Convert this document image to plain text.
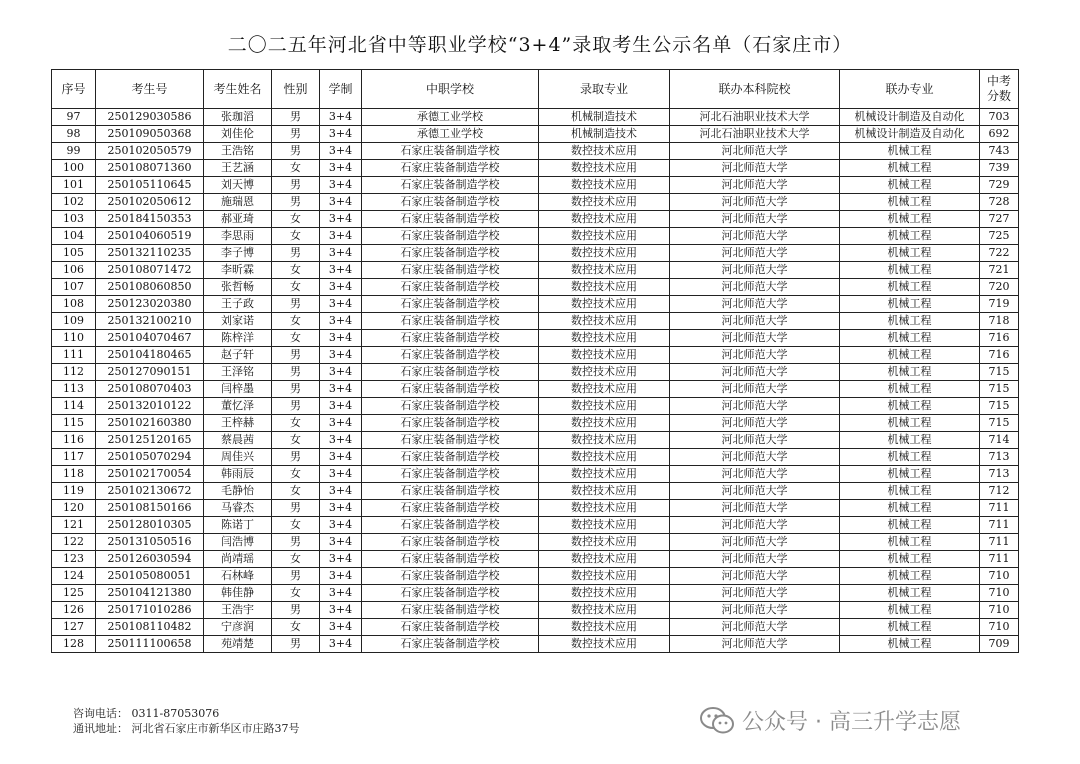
二〇二五年河北省中等职业学校“3+4”录取考生公示名单（石家庄市）
序号	考生号	考生姓名	性别	学制	中职学校	录取专业	联办本科院校	联办专业	中考
分数
97	250129030586	张珈滔	男	3+4	承德工业学校	机械制造技术	河北石油职业技术大学	机械设计制造及自动化	703
98	250109050368	刘佳伦	男	3+4	承德工业学校	机械制造技术	河北石油职业技术大学	机械设计制造及自动化	692
99	250102050579	王浩铭	男	3+4	石家庄装备制造学校	数控技术应用	河北师范大学	机械工程	743
100	250108071360	王艺涵	女	3+4	石家庄装备制造学校	数控技术应用	河北师范大学	机械工程	739
101	250105110645	刘天博	男	3+4	石家庄装备制造学校	数控技术应用	河北师范大学	机械工程	729
102	250102050612	施瑞恩	男	3+4	石家庄装备制造学校	数控技术应用	河北师范大学	机械工程	728
103	250184150353	郝亚琦	女	3+4	石家庄装备制造学校	数控技术应用	河北师范大学	机械工程	727
104	250104060519	李思雨	女	3+4	石家庄装备制造学校	数控技术应用	河北师范大学	机械工程	725
105	250132110235	李子博	男	3+4	石家庄装备制造学校	数控技术应用	河北师范大学	机械工程	722
106	250108071472	李昕霖	女	3+4	石家庄装备制造学校	数控技术应用	河北师范大学	机械工程	721
107	250108060850	张哲畅	女	3+4	石家庄装备制造学校	数控技术应用	河北师范大学	机械工程	720
108	250123020380	王子政	男	3+4	石家庄装备制造学校	数控技术应用	河北师范大学	机械工程	719
109	250132100210	刘家诺	女	3+4	石家庄装备制造学校	数控技术应用	河北师范大学	机械工程	718
110	250104070467	陈梓洋	女	3+4	石家庄装备制造学校	数控技术应用	河北师范大学	机械工程	716
111	250104180465	赵子轩	男	3+4	石家庄装备制造学校	数控技术应用	河北师范大学	机械工程	716
112	250127090151	王泽铭	男	3+4	石家庄装备制造学校	数控技术应用	河北师范大学	机械工程	715
113	250108070403	闫梓墨	男	3+4	石家庄装备制造学校	数控技术应用	河北师范大学	机械工程	715
114	250132010122	董忆泽	男	3+4	石家庄装备制造学校	数控技术应用	河北师范大学	机械工程	715
115	250102160380	王梓赫	女	3+4	石家庄装备制造学校	数控技术应用	河北师范大学	机械工程	715
116	250125120165	蔡晨茜	女	3+4	石家庄装备制造学校	数控技术应用	河北师范大学	机械工程	714
117	250105070294	周佳兴	男	3+4	石家庄装备制造学校	数控技术应用	河北师范大学	机械工程	713
118	250102170054	韩雨辰	女	3+4	石家庄装备制造学校	数控技术应用	河北师范大学	机械工程	713
119	250102130672	毛静怡	女	3+4	石家庄装备制造学校	数控技术应用	河北师范大学	机械工程	712
120	250108150166	马睿杰	男	3+4	石家庄装备制造学校	数控技术应用	河北师范大学	机械工程	711
121	250128010305	陈诺丁	女	3+4	石家庄装备制造学校	数控技术应用	河北师范大学	机械工程	711
122	250131050516	闫浩博	男	3+4	石家庄装备制造学校	数控技术应用	河北师范大学	机械工程	711
123	250126030594	尚靖瑶	女	3+4	石家庄装备制造学校	数控技术应用	河北师范大学	机械工程	711
124	250105080051	石林峰	男	3+4	石家庄装备制造学校	数控技术应用	河北师范大学	机械工程	710
125	250104121380	韩佳静	女	3+4	石家庄装备制造学校	数控技术应用	河北师范大学	机械工程	710
126	250171010286	王浩宇	男	3+4	石家庄装备制造学校	数控技术应用	河北师范大学	机械工程	710
127	250108110482	宁彦润	女	3+4	石家庄装备制造学校	数控技术应用	河北师范大学	机械工程	710
128	250111100658	苑靖楚	男	3+4	石家庄装备制造学校	数控技术应用	河北师范大学	机械工程	709
咨询电话： 0311-87053076
通讯地址： 河北省石家庄市新华区市庄路37号	公众号 · 高三升学志愿
